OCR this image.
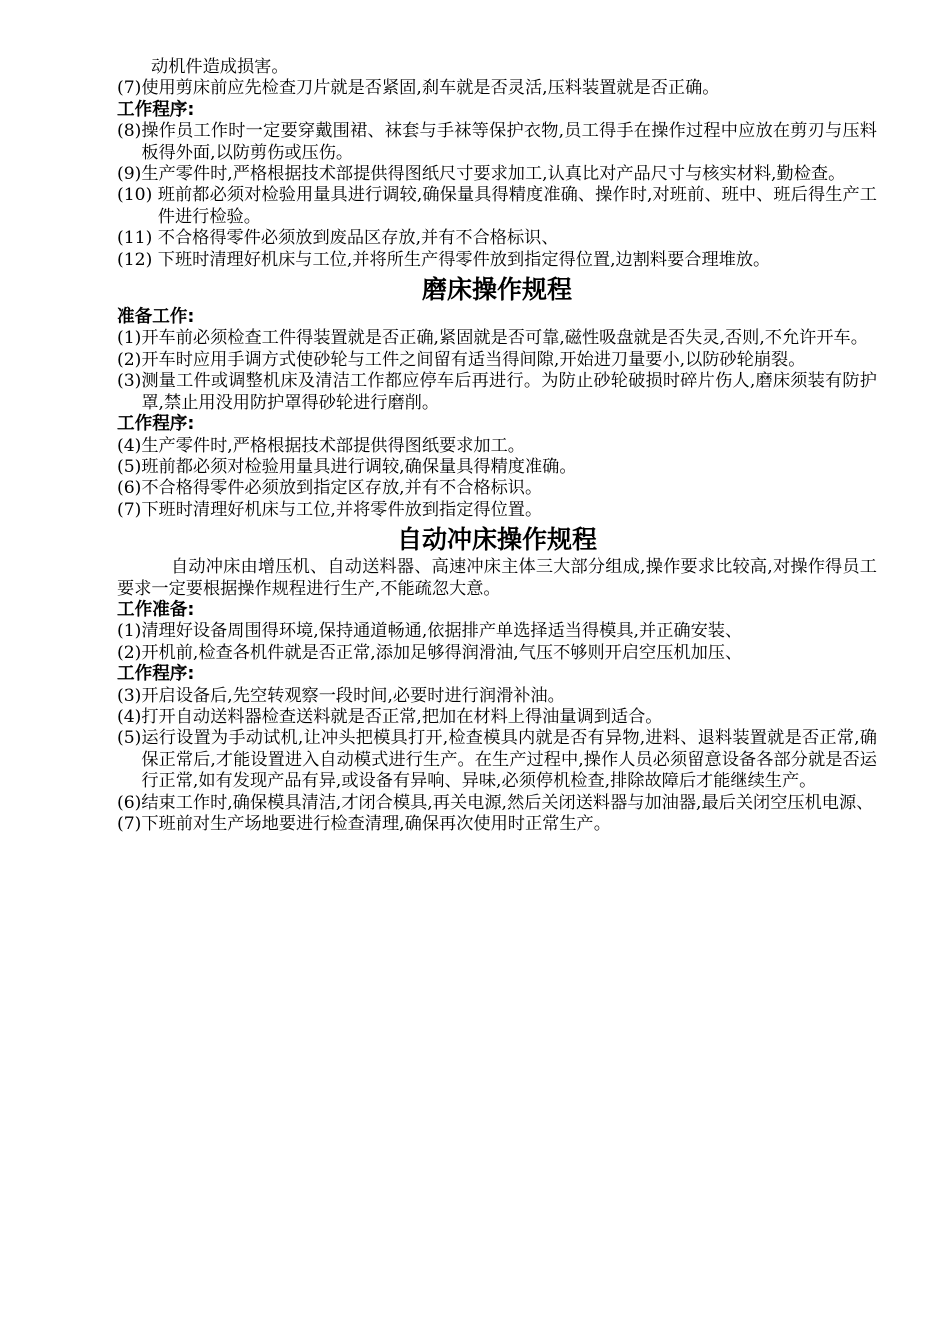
动机件造成损害。
(7) 使用剪床前应先检查刀片就是否紧固,刹车就是否灵活,压料装置就是否正确。
工作程序:
(8) 操作员工作时一定要穿戴围裙、袜套与手袜等保护衣物,员工得手在操作过程中应放在剪刃与压料板得外面,以防剪伤或压伤。
(9) 生产零件时,严格根据技术部提供得图纸尺寸要求加工,认真比对产品尺寸与核实材料,勤检查。
(10) 班前都必须对检验用量具进行调较,确保量具得精度准确、操作时,对班前、班中、班后得生产工件进行检验。
(11) 不合格得零件必须放到废品区存放,并有不合格标识、
(12) 下班时清理好机床与工位,并将所生产得零件放到指定得位置,边割料要合理堆放。
磨床操作规程
准备工作:
(1) 开车前必须检查工件得装置就是否正确,紧固就是否可靠,磁性吸盘就是否失灵,否则,不允许开车。
(2) 开车时应用手调方式使砂轮与工件之间留有适当得间隙,开始进刀量要小,以防砂轮崩裂。
(3) 测量工件或调整机床及清洁工作都应停车后再进行。为防止砂轮破损时碎片伤人,磨床须装有防护罩,禁止用没用防护罩得砂轮进行磨削。
工作程序:
(4) 生产零件时,严格根据技术部提供得图纸要求加工。
(5) 班前都必须对检验用量具进行调较,确保量具得精度准确。
(6) 不合格得零件必须放到指定区存放,并有不合格标识。
(7) 下班时清理好机床与工位,并将零件放到指定得位置。
自动冲床操作规程
自动冲床由增压机、自动送料器、高速冲床主体三大部分组成,操作要求比较高,对操作得员工要求一定要根据操作规程进行生产,不能疏忽大意。
工作准备:
(1) 清理好设备周围得环境,保持通道畅通,依据排产单选择适当得模具,并正确安装、
(2) 开机前,检查各机件就是否正常,添加足够得润滑油,气压不够则开启空压机加压、
工作程序:
(3) 开启设备后,先空转观察一段时间,必要时进行润滑补油。
(4) 打开自动送料器检查送料就是否正常,把加在材料上得油量调到适合。
(5) 运行设置为手动试机,让冲头把模具打开,检查模具内就是否有异物,进料、退料装置就是否正常,确保正常后,才能设置进入自动模式进行生产。在生产过程中,操作人员必须留意设备各部分就是否运行正常,如有发现产品有异,或设备有异响、异味,必须停机检查,排除故障后才能继续生产。
(6) 结束工作时,确保模具清洁,才闭合模具,再关电源,然后关闭送料器与加油器,最后关闭空压机电源、
(7) 下班前对生产场地要进行检查清理,确保再次使用时正常生产。
